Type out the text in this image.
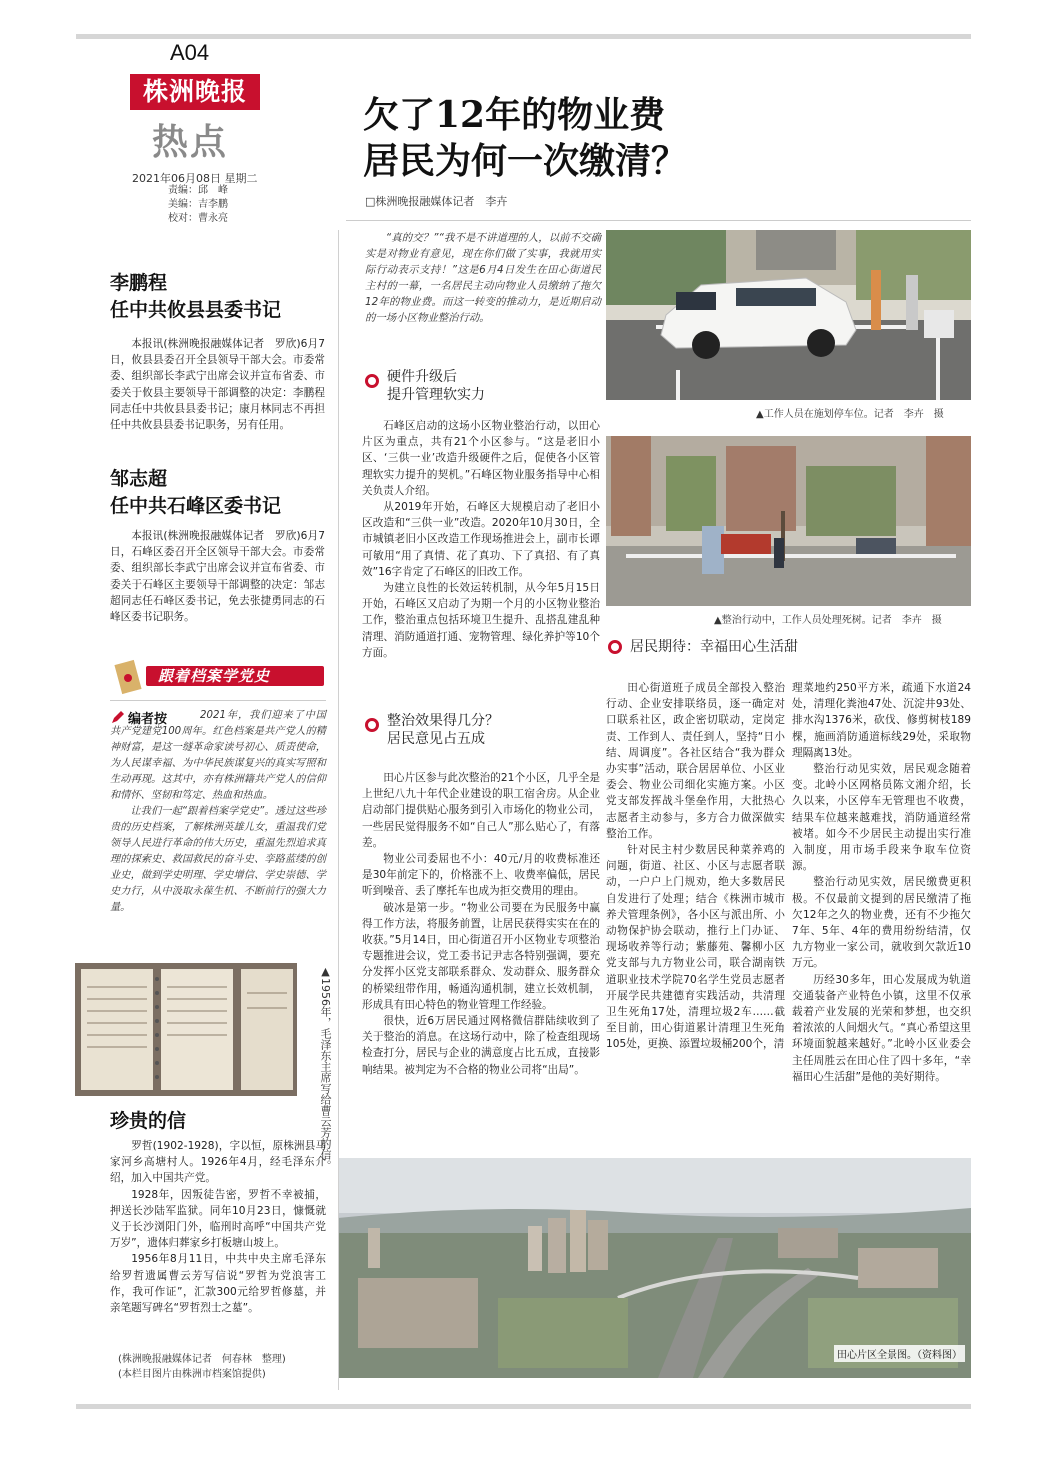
A04
株洲晚报
热点
2021年06月08日 星期二
责编：邱　峰
美编：吉李鹏
校对：曹永亮
欠了12年的物业费
居民为何一次缴清？
□株洲晚报融媒体记者　李卉
“真的交？”“我不是不讲道理的人，以前不交确实是对物业有意见，现在你们做了实事，我就用实际行动表示支持！”这是6月4日发生在田心街道民主村的一幕，一名居民主动向物业人员缴纳了拖欠12年的物业费。而这一转变的推动力，是近期启动的一场小区物业整治行动。
硬件升级后
提升管理软实力

石峰区启动的这场小区物业整治行动，以田心片区为重点，共有21个小区参与。“这是老旧小区、‘三供一业’改造升级硬件之后，促使各小区管理软实力提升的契机。”石峰区物业服务指导中心相关负责人介绍。

从2019年开始，石峰区大规模启动了老旧小区改造和“三供一业”改造。2020年10月30日，全市城镇老旧小区改造工作现场推进会上，副市长谭可敏用“用了真情、花了真功、下了真招、有了真效”16字肯定了石峰区的旧改工作。

为建立良性的长效运转机制，从今年5月15日开始，石峰区又启动了为期一个月的小区物业整治工作，整治重点包括环境卫生提升、乱搭乱建乱种清理、消防通道打通、宠物管理、绿化养护等10个方面。

整治效果得几分？
居民意见占五成

田心片区参与此次整治的21个小区，几乎全是上世纪八九十年代企业建设的职工宿舍房。从企业启动部门提供贴心服务到引入市场化的物业公司，一些居民觉得服务不如“自己人”那么贴心了，有落差。

物业公司委屈也不小：40元/月的收费标准还是30年前定下的，价格涨不上、收费率偏低，居民听到噪音、丢了摩托车也成为拒交费用的理由。

破冰是第一步。“物业公司要在为民服务中赢得工作方法，将服务前置，让居民获得实实在在的收获。”5月14日，田心街道召开小区物业专项整治专题推进会议，党工委书记尹志各特别强调，要充分发挥小区党支部联系群众、发动群众、服务群众的桥梁纽带作用，畅通沟通机制，建立长效机制，形成具有田心特色的物业管理工作经验。

很快，近6万居民通过网格微信群陆续收到了关于整治的消息。在这场行动中，除了检查组现场检查打分，居民与企业的满意度占比五成，直接影响结果。被判定为不合格的物业公司将“出局”。

▲工作人员在施划停车位。记者　李卉　摄
▲整治行动中，工作人员处理死树。记者　李卉　摄
居民期待：幸福田心生活甜

田心街道班子成员全部投入整治行动、企业安排联络员，逐一确定对口联系社区，政企密切联动，定岗定责、工作到人、责任到人，坚持“日小结、周调度”。各社区结合“我为群众办实事”活动，联合居居单位、小区业委会、物业公司细化实施方案。小区党支部发挥战斗堡垒作用，大批热心志愿者主动参与，多方合力做深做实整治工作。

针对民主村少数居民种菜养鸡的问题，街道、社区、小区与志愿者联动，一户户上门规劝，绝大多数居民自发进行了处理；结合《株洲市城市养犬管理条例》，各小区与派出所、小动物保护协会联动，推行上门办证、现场收养等行动；紫藤苑、馨柳小区党支部与九方物业公司，联合湖南铁道职业技术学院70名学生党员志愿者开展学民共建德育实践活动，共清理卫生死角17处，清理垃圾2车……截至目前，田心街道累计清理卫生死角105处，更换、添置垃圾桶200个，清

理菜地约250平方米，疏通下水道24处，清理化粪池47处、沉淀井93处、排水沟1376米，砍伐、修剪树枝189棵，施画消防通道标线29处，采取物理隔离13处。

整治行动见实效，居民观念随着变。北岭小区网格员陈文湘介绍，长久以来，小区停车无管理也不收费，结果车位越来越难找，消防通道经常被堵。如今不少居民主动提出实行准入制度，用市场手段来争取车位资源。

整治行动见实效，居民缴费更积极。不仅最前文提到的居民缴清了拖欠12年之久的物业费，还有不少拖欠7年、5年、4年的费用纷纷结清，仅九方物业一家公司，就收到欠款近10万元。

历经30多年，田心发展成为轨道交通装备产业特色小镇，这里不仅承载着产业发展的光荣和梦想，也交织着浓浓的人间烟火气。“真心希望这里环境面貌越来越好。”北岭小区业委会主任周胜云在田心住了四十多年，“幸福田心生活甜”是他的美好期待。

田心片区全景图。（资料图）
李鹏程
任中共攸县县委书记
本报讯(株洲晚报融媒体记者　罗欣)6月7日，攸县县委召开全县领导干部大会。市委常委、组织部长李武宁出席会议并宣布省委、市委关于攸县主要领导干部调整的决定：李鹏程同志任中共攸县县委书记；康月林同志不再担任中共攸县县委书记职务，另有任用。
邹志超
任中共石峰区委书记
本报讯(株洲晚报融媒体记者　罗欣)6月7日，石峰区委召开全区领导干部大会。市委常委、组织部长李武宁出席会议并宣布省委、市委关于石峰区主要领导干部调整的决定：邹志超同志任石峰区委书记，免去张捷勇同志的石峰区委书记职务。
跟着档案学党史
编者按	2021年，我们迎来了中国共产党建党100周年。红色档案是共产党人的精神财富，是这一䍁革命家读号初心、质责使命，为人民谋幸福、为中华民族谋复兴的真实写照和生动再现。这其中，亦有株洲籍共产党人的信仰和情怀、坚韧和笃定、热血和热血。

让我们一起“跟着档案学党史”。透过这些珍贵的历史档案，了解株洲英雄儿女，重温我们党领导人民进行革命的伟大历史，重温先烈追求真理的探索史、救国救民的奋斗史、孪路蓝缕的创业史，做到学史明理、学史增信、学史崇德、学史力行，从中汲取永葆生机、不断前行的强大力量。

▲1956年，毛泽东主席写给曹云芳的信。
珍贵的信

罗哲(1902-1928)，字以恒，原株洲县马家河乡高塘村人。1926年4月，经毛泽东介绍，加入中国共产党。

1928年，因叛徒告密，罗哲不幸被捕，押送长沙陆军监狱。同年10月23日，慷慨就义于长沙浏阳门外，临刑时高呼“中国共产党万岁”，遗体归葬家乡打板塘山坡上。

1956年8月11日，中共中央主席毛泽东给罗哲遗属曹云芳写信说“罗哲为党浪害工作，我可作证”，汇款300元给罗哲修墓，并亲笔题写碑名“罗哲烈士之墓”。

(株洲晚报融媒体记者　何春林　整理)
(本栏目图片由株洲市档案馆提供)
